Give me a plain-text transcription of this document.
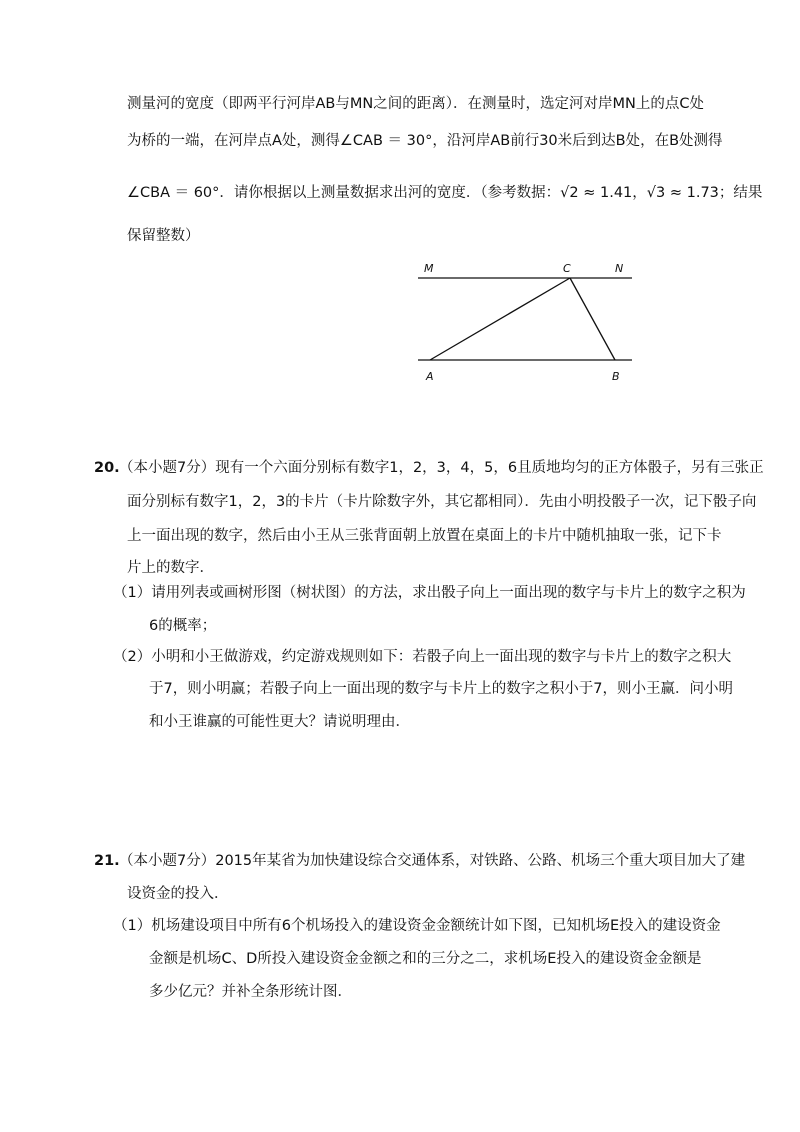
测量河的宽度（即两平行河岸AB与MN之间的距离）．在测量时，选定河对岸MN上的点C处
为桥的一端，在河岸点A处，测得∠CAB ＝ 30°，沿河岸AB前行30米后到达B处，在B处测得
∠CBA ＝ 60°．请你根据以上测量数据求出河的宽度．（参考数据：√2 ≈ 1.41，√3 ≈ 1.73；结果
保留整数）
M	C	N
A	B
20. （本小题7分）现有一个六面分别标有数字1，2，3，4，5，6且质地均匀的正方体骰子，另有三张正
面分别标有数字1，2，3的卡片（卡片除数字外，其它都相同）．先由小明投骰子一次，记下骰子向
上一面出现的数字，然后由小王从三张背面朝上放置在桌面上的卡片中随机抽取一张，记下卡
片上的数字．
（1）请用列表或画树形图（树状图）的方法，求出骰子向上一面出现的数字与卡片上的数字之积为
6的概率；
（2）小明和小王做游戏，约定游戏规则如下：若骰子向上一面出现的数字与卡片上的数字之积大
于7，则小明赢；若骰子向上一面出现的数字与卡片上的数字之积小于7，则小王赢．问小明
和小王谁赢的可能性更大？请说明理由．
21. （本小题7分）2015年某省为加快建设综合交通体系，对铁路、公路、机场三个重大项目加大了建
设资金的投入．
（1）机场建设项目中所有6个机场投入的建设资金金额统计如下图，已知机场E投入的建设资金
金额是机场C、D所投入建设资金金额之和的三分之二，求机场E投入的建设资金金额是
多少亿元？并补全条形统计图．
